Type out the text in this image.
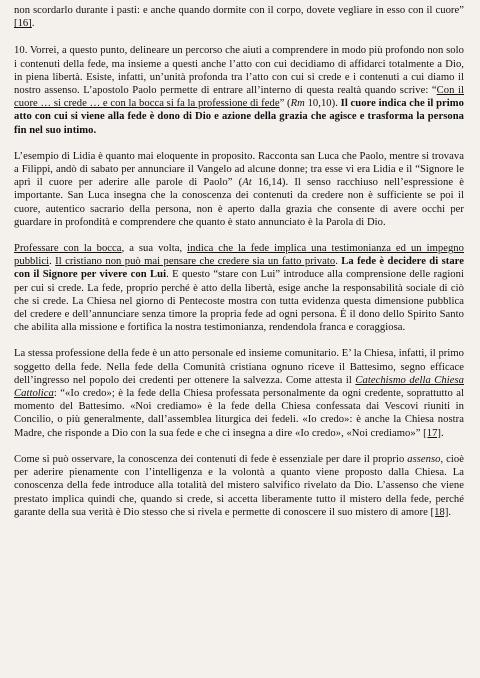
non scordarlo durante i pasti: e anche quando dormite con il corpo, dovete vegliare in esso con il cuore” [16].

10. Vorrei, a questo punto, delineare un percorso che aiuti a comprendere in modo più profondo non solo i contenuti della fede, ma insieme a questi anche l’atto con cui decidiamo di affidarci totalmente a Dio, in piena libertà. Esiste, infatti, un’unità profonda tra l’atto con cui si crede e i contenuti a cui diamo il nostro assenso. L’apostolo Paolo permette di entrare all’interno di questa realtà quando scrive: “Con il cuore … si crede … e con la bocca si fa la professione di fede” (Rm 10,10). Il cuore indica che il primo atto con cui si viene alla fede è dono di Dio e azione della grazia che agisce e trasforma la persona fin nel suo intimo.

L’esempio di Lidia è quanto mai eloquente in proposito. Racconta san Luca che Paolo, mentre si trovava a Filippi, andò di sabato per annunciare il Vangelo ad alcune donne; tra esse vi era Lidia e il “Signore le aprì il cuore per aderire alle parole di Paolo” (At 16,14). Il senso racchiuso nell’espressione è importante. San Luca insegna che la conoscenza dei contenuti da credere non è sufficiente se poi il cuore, autentico sacrario della persona, non è aperto dalla grazia che consente di avere occhi per guardare in profondità e comprendere che quanto è stato annunciato è la Parola di Dio.

Professare con la bocca, a sua volta, indica che la fede implica una testimonianza ed un impegno pubblici. Il cristiano non può mai pensare che credere sia un fatto privato. La fede è decidere di stare con il Signore per vivere con Lui. E questo “stare con Lui” introduce alla comprensione delle ragioni per cui si crede. La fede, proprio perché è atto della libertà, esige anche la responsabilità sociale di ciò che si crede. La Chiesa nel giorno di Pentecoste mostra con tutta evidenza questa dimensione pubblica del credere e dell’annunciare senza timore la propria fede ad ogni persona. È il dono dello Spirito Santo che abilita alla missione e fortifica la nostra testimonianza, rendendola franca e coraggiosa.

La stessa professione della fede è un atto personale ed insieme comunitario. E’ la Chiesa, infatti, il primo soggetto della fede. Nella fede della Comunità cristiana ognuno riceve il Battesimo, segno efficace dell’ingresso nel popolo dei credenti per ottenere la salvezza. Come attesta il Catechismo della Chiesa Cattolica: “«Io credo»; è la fede della Chiesa professata personalmente da ogni credente, soprattutto al momento del Battesimo. «Noi crediamo» è la fede della Chiesa confessata dai Vescovi riuniti in Concilio, o più generalmente, dall’assemblea liturgica dei fedeli. «Io credo»: è anche la Chiesa nostra Madre, che risponde a Dio con la sua fede e che ci insegna a dire «Io credo», «Noi crediamo»” [17].

Come si può osservare, la conoscenza dei contenuti di fede è essenziale per dare il proprio assenso, cioè per aderire pienamente con l’intelligenza e la volontà a quanto viene proposto dalla Chiesa. La conoscenza della fede introduce alla totalità del mistero salvifico rivelato da Dio. L’assenso che viene prestato implica quindi che, quando si crede, si accetta liberamente tutto il mistero della fede, perché garante della sua verità è Dio stesso che si rivela e permette di conoscere il suo mistero di amore [18].
